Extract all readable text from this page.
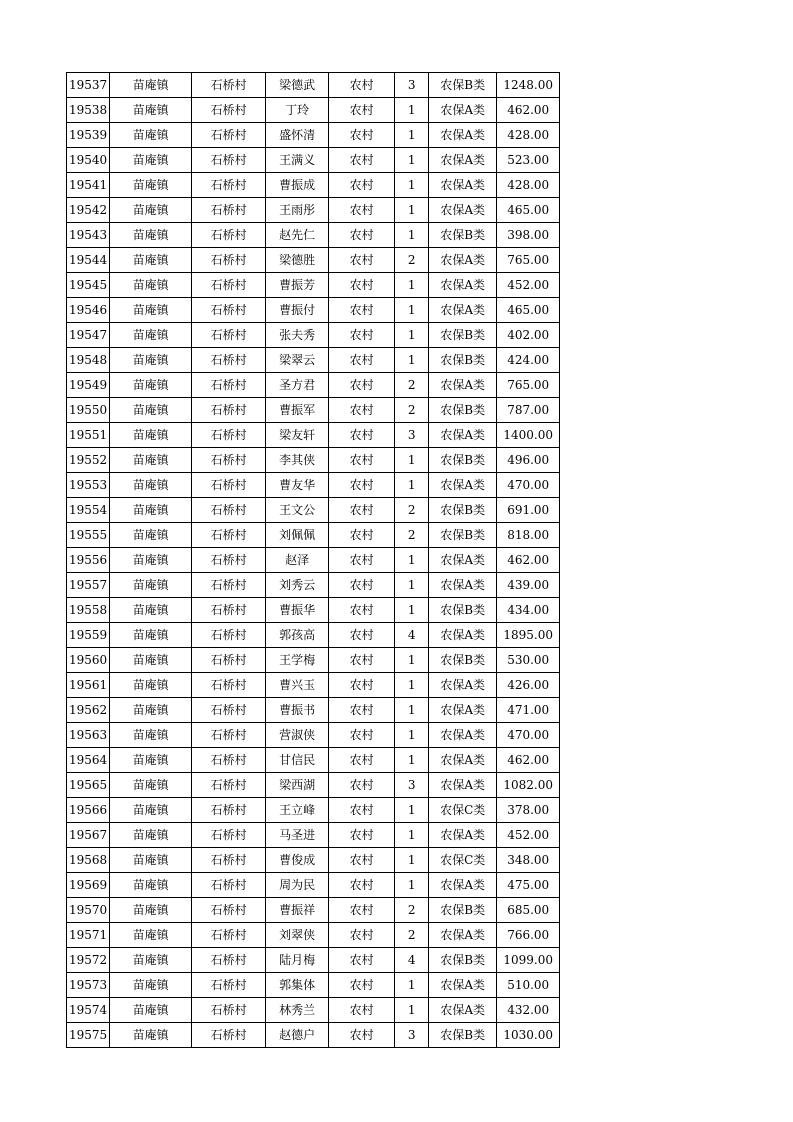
19537	苗庵镇	石桥村	梁德武	农村	3	农保B类	1248.00
19538	苗庵镇	石桥村	丁玲	农村	1	农保A类	462.00
19539	苗庵镇	石桥村	盛怀清	农村	1	农保A类	428.00
19540	苗庵镇	石桥村	王满义	农村	1	农保A类	523.00
19541	苗庵镇	石桥村	曹振成	农村	1	农保A类	428.00
19542	苗庵镇	石桥村	王雨彤	农村	1	农保A类	465.00
19543	苗庵镇	石桥村	赵先仁	农村	1	农保B类	398.00
19544	苗庵镇	石桥村	梁德胜	农村	2	农保A类	765.00
19545	苗庵镇	石桥村	曹振芳	农村	1	农保A类	452.00
19546	苗庵镇	石桥村	曹振付	农村	1	农保A类	465.00
19547	苗庵镇	石桥村	张夫秀	农村	1	农保B类	402.00
19548	苗庵镇	石桥村	梁翠云	农村	1	农保B类	424.00
19549	苗庵镇	石桥村	圣方君	农村	2	农保A类	765.00
19550	苗庵镇	石桥村	曹振军	农村	2	农保B类	787.00
19551	苗庵镇	石桥村	梁友轩	农村	3	农保A类	1400.00
19552	苗庵镇	石桥村	李其侠	农村	1	农保B类	496.00
19553	苗庵镇	石桥村	曹友华	农村	1	农保A类	470.00
19554	苗庵镇	石桥村	王文公	农村	2	农保B类	691.00
19555	苗庵镇	石桥村	刘佩佩	农村	2	农保B类	818.00
19556	苗庵镇	石桥村	赵泽	农村	1	农保A类	462.00
19557	苗庵镇	石桥村	刘秀云	农村	1	农保A类	439.00
19558	苗庵镇	石桥村	曹振华	农村	1	农保B类	434.00
19559	苗庵镇	石桥村	郭孩高	农村	4	农保A类	1895.00
19560	苗庵镇	石桥村	王学梅	农村	1	农保B类	530.00
19561	苗庵镇	石桥村	曹兴玉	农村	1	农保A类	426.00
19562	苗庵镇	石桥村	曹振书	农村	1	农保A类	471.00
19563	苗庵镇	石桥村	营淑侠	农村	1	农保A类	470.00
19564	苗庵镇	石桥村	甘信民	农村	1	农保A类	462.00
19565	苗庵镇	石桥村	梁西湖	农村	3	农保A类	1082.00
19566	苗庵镇	石桥村	王立峰	农村	1	农保C类	378.00
19567	苗庵镇	石桥村	马圣进	农村	1	农保A类	452.00
19568	苗庵镇	石桥村	曹俊成	农村	1	农保C类	348.00
19569	苗庵镇	石桥村	周为民	农村	1	农保A类	475.00
19570	苗庵镇	石桥村	曹振祥	农村	2	农保B类	685.00
19571	苗庵镇	石桥村	刘翠侠	农村	2	农保A类	766.00
19572	苗庵镇	石桥村	陆月梅	农村	4	农保B类	1099.00
19573	苗庵镇	石桥村	郭集体	农村	1	农保A类	510.00
19574	苗庵镇	石桥村	林秀兰	农村	1	农保A类	432.00
19575	苗庵镇	石桥村	赵德户	农村	3	农保B类	1030.00
